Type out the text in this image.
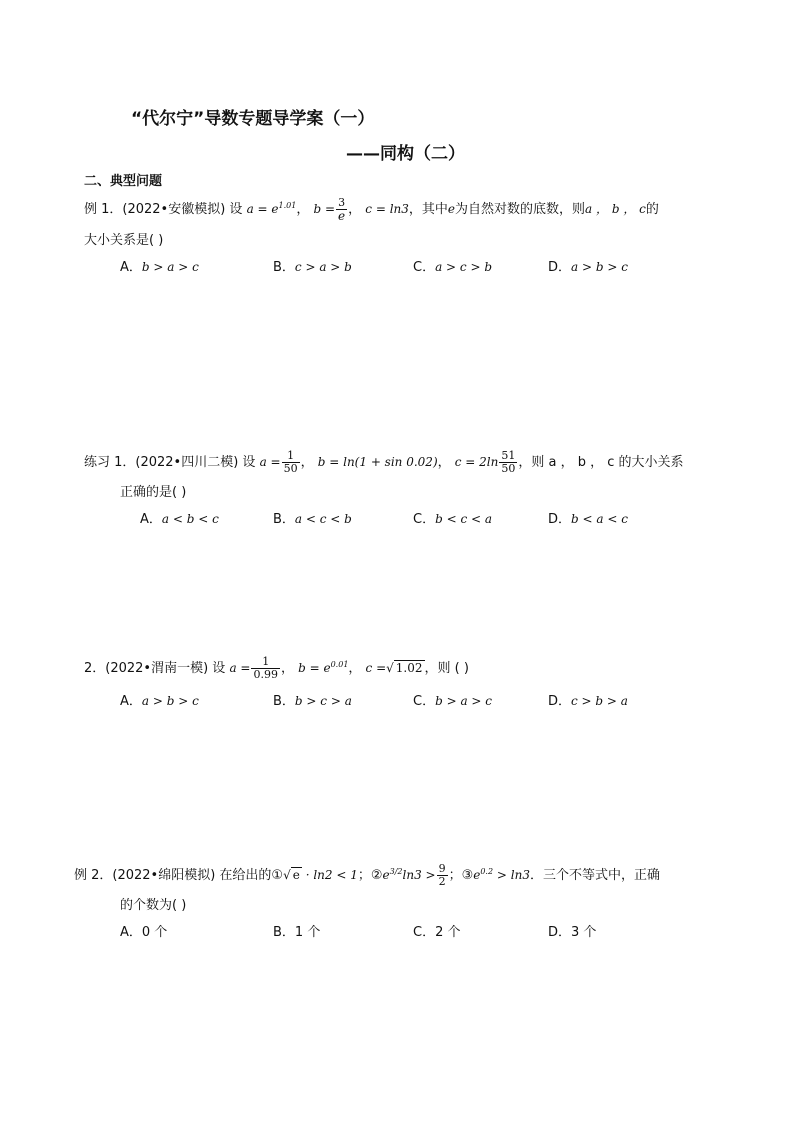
“代尔宁”导数专题导学案（一）
——同构（二）
二、典型问题
例 1．(2022•安徽模拟) 设 $a = e^{1.01}$， $b = \frac{3}{e}$ ， c = ln3，其中e为自然对数的底数，则a ， b ， c的
大小关系是( )
A．b > a > c	B．c > a > b	C．a > c > b	D．a > b > c
练习 1．(2022•四川二模) 设 $a = \frac{1}{50}$ ， b = ln(1 + sin 0.02)， $c = 2\ln \frac{51}{50}$ ，则 a ， b ， c 的大小关系
正确的是( )
A．a < b < c	B．a < c < b	C．b < c < a	D．b < a < c
2．(2022•渭南一模) 设 $a = \frac{1}{0.99}$ ， $b = e^{0.01}$， c =√ 1.02 ，则 ( )
A．a > b > c	B．b > c > a	C．b > a > c	D．c > b > a
例 2．(2022•绵阳模拟) 在给出的①√ e · ln2 < 1；$②e^{3/2}\ln 3 > \frac{9}{2}$ ；$③e^{0.2} > \ln 3$．三个不等式中，正确
的个数为( )
A．0 个	B．1 个	C．2 个	D．3 个
